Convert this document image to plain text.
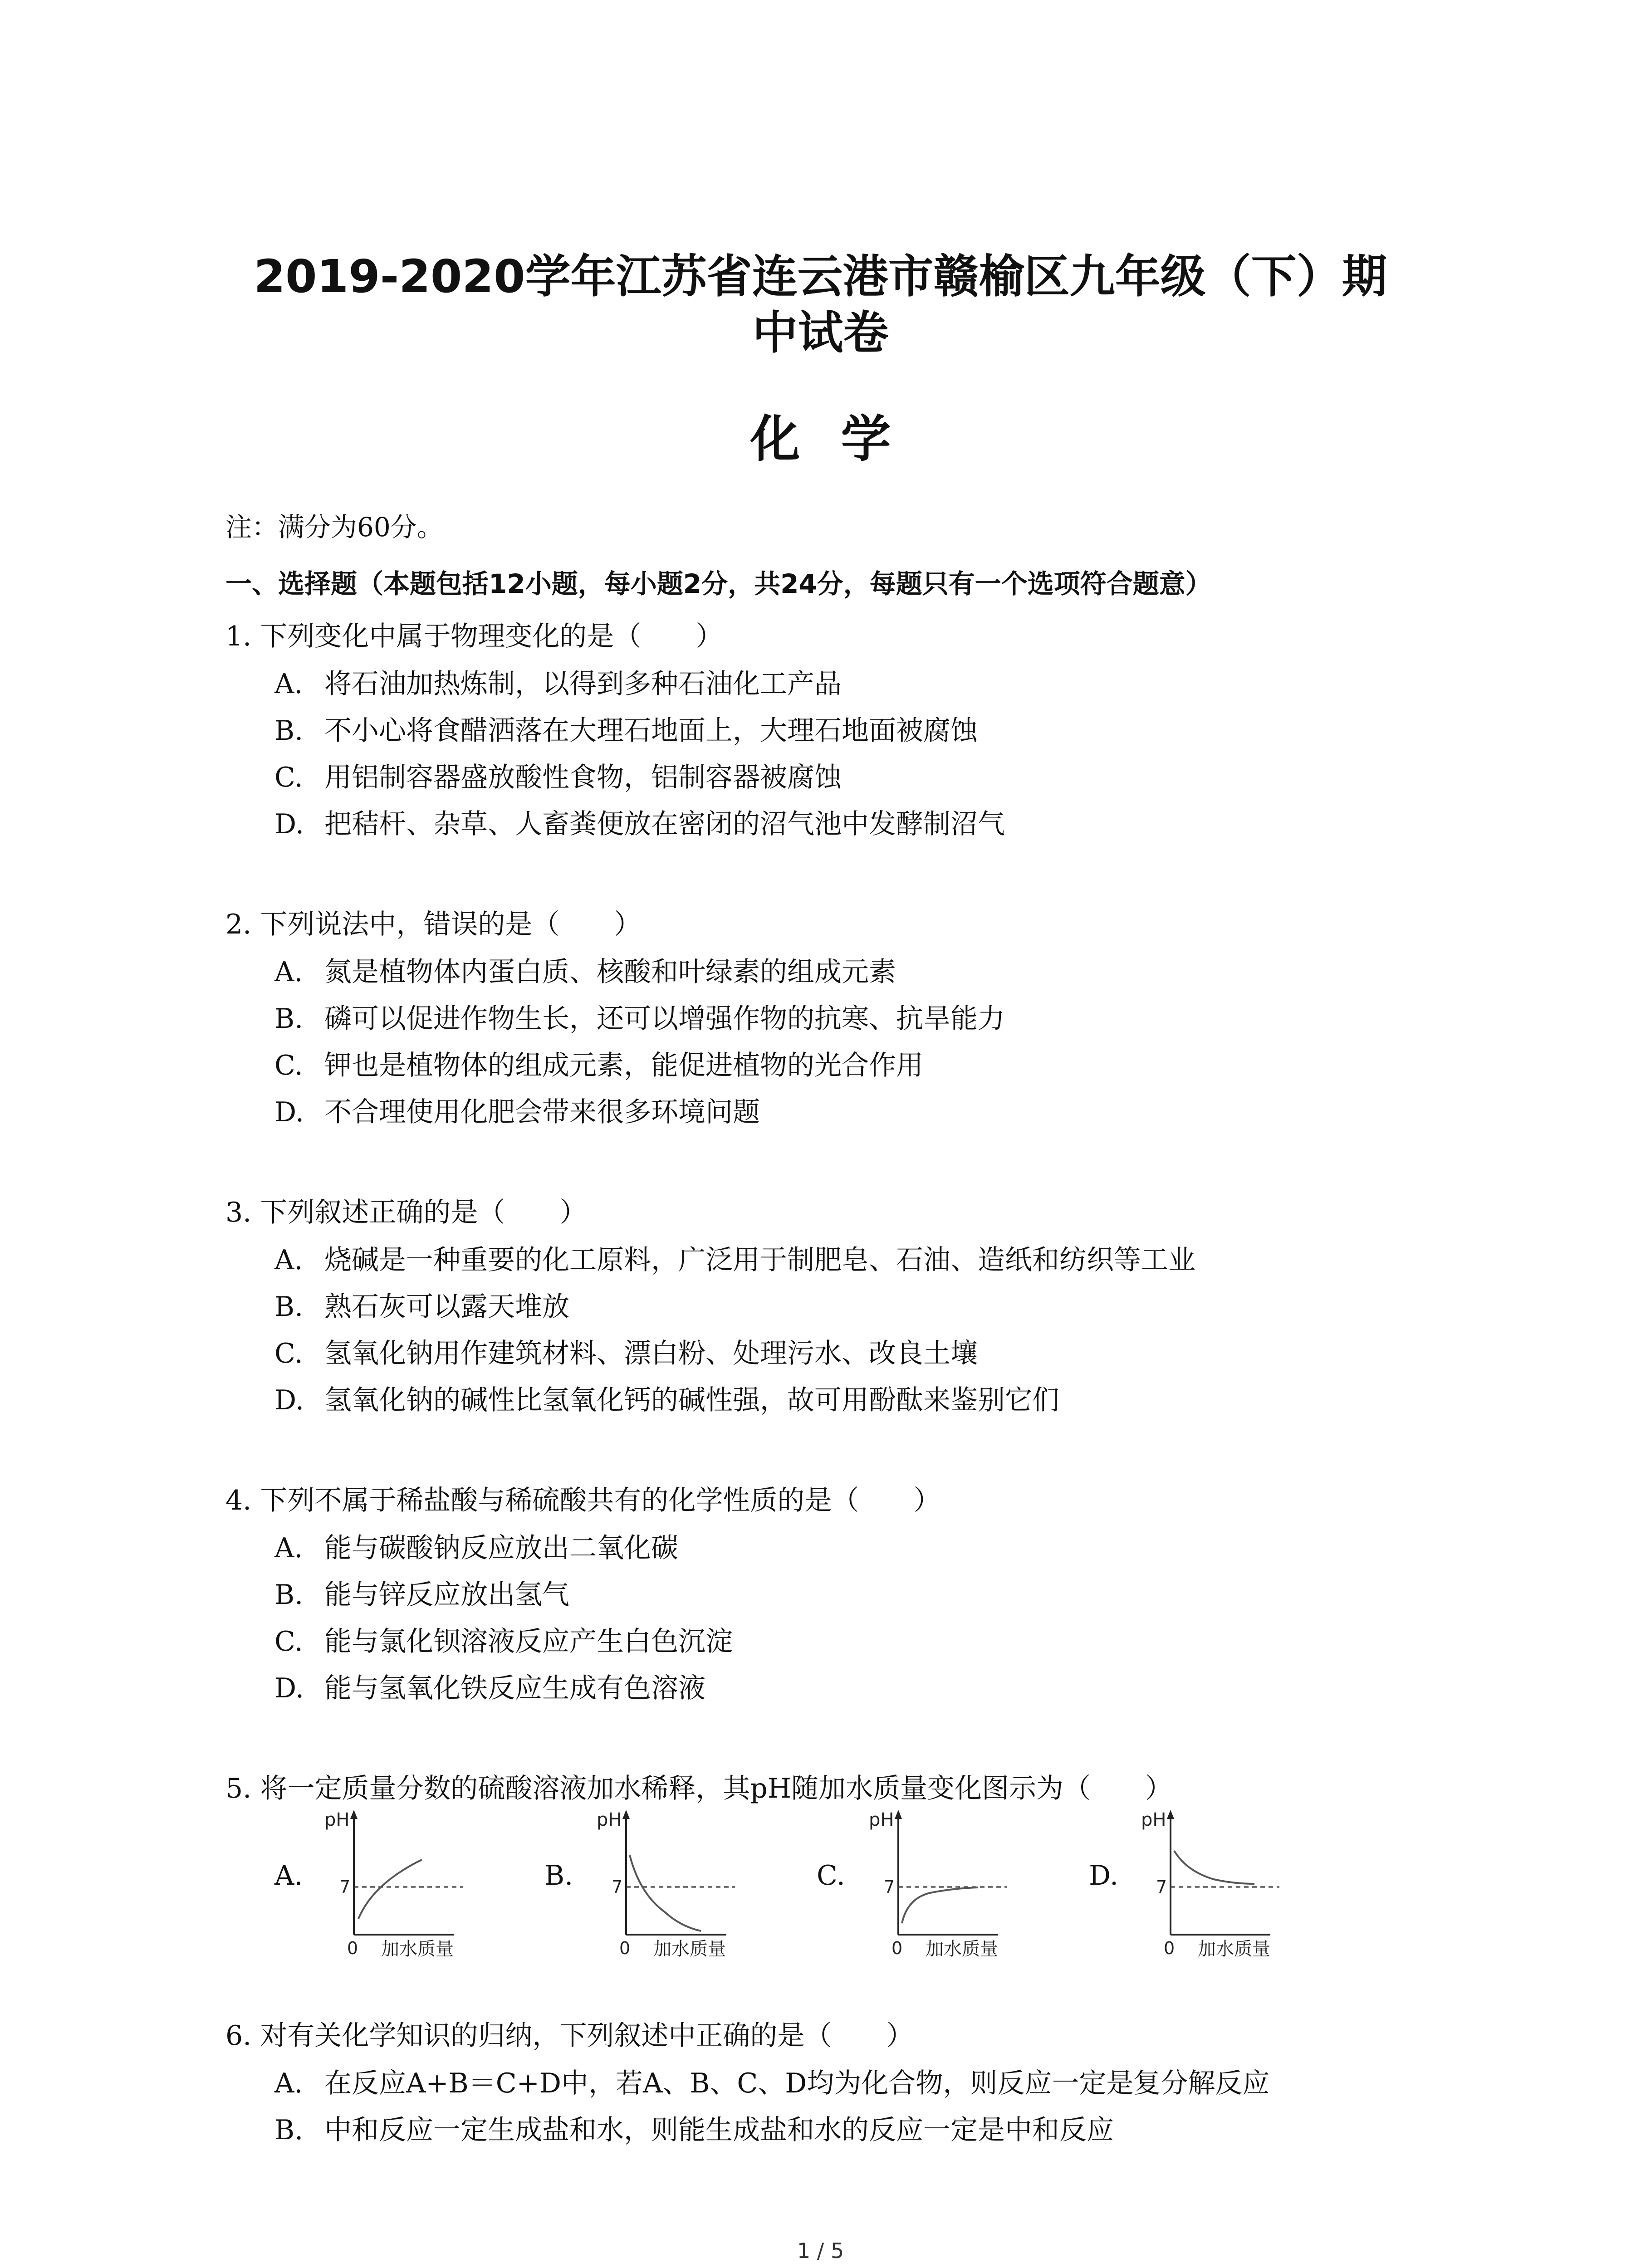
2019-2020学年江苏省连云港市赣榆区九年级（下）期
中试卷
化学
注：满分为60分。
一、选择题（本题包括12小题，每小题2分，共24分，每题只有一个选项符合题意）
1. 下列变化中属于物理变化的是（　　）
A. 将石油加热炼制，以得到多种石油化工产品
B. 不小心将食醋洒落在大理石地面上，大理石地面被腐蚀
C. 用铝制容器盛放酸性食物，铝制容器被腐蚀
D. 把秸杆、杂草、人畜粪便放在密闭的沼气池中发酵制沼气
2. 下列说法中，错误的是（　　）
A. 氮是植物体内蛋白质、核酸和叶绿素的组成元素
B. 磷可以促进作物生长，还可以增强作物的抗寒、抗旱能力
C. 钾也是植物体的组成元素，能促进植物的光合作用
D. 不合理使用化肥会带来很多环境问题
3. 下列叙述正确的是（　　）
A. 烧碱是一种重要的化工原料，广泛用于制肥皂、石油、造纸和纺织等工业
B. 熟石灰可以露天堆放
C. 氢氧化钠用作建筑材料、漂白粉、处理污水、改良土壤
D. 氢氧化钠的碱性比氢氧化钙的碱性强，故可用酚酞来鉴别它们
4. 下列不属于稀盐酸与稀硫酸共有的化学性质的是（　　）
A. 能与碳酸钠反应放出二氧化碳
B. 能与锌反应放出氢气
C. 能与氯化钡溶液反应产生白色沉淀
D. 能与氢氧化铁反应生成有色溶液
5. 将一定质量分数的硫酸溶液加水稀释，其pH随加水质量变化图示为（　　）
A.
pH
7
0 加水质量
B.
pH
7
0 加水质量
C.
pH
7
0 加水质量
D.
pH
7
0 加水质量
6. 对有关化学知识的归纳，下列叙述中正确的是（　　）
A. 在反应A+B＝C+D中，若A、B、C、D均为化合物，则反应一定是复分解反应
B. 中和反应一定生成盐和水，则能生成盐和水的反应一定是中和反应
1 / 5
